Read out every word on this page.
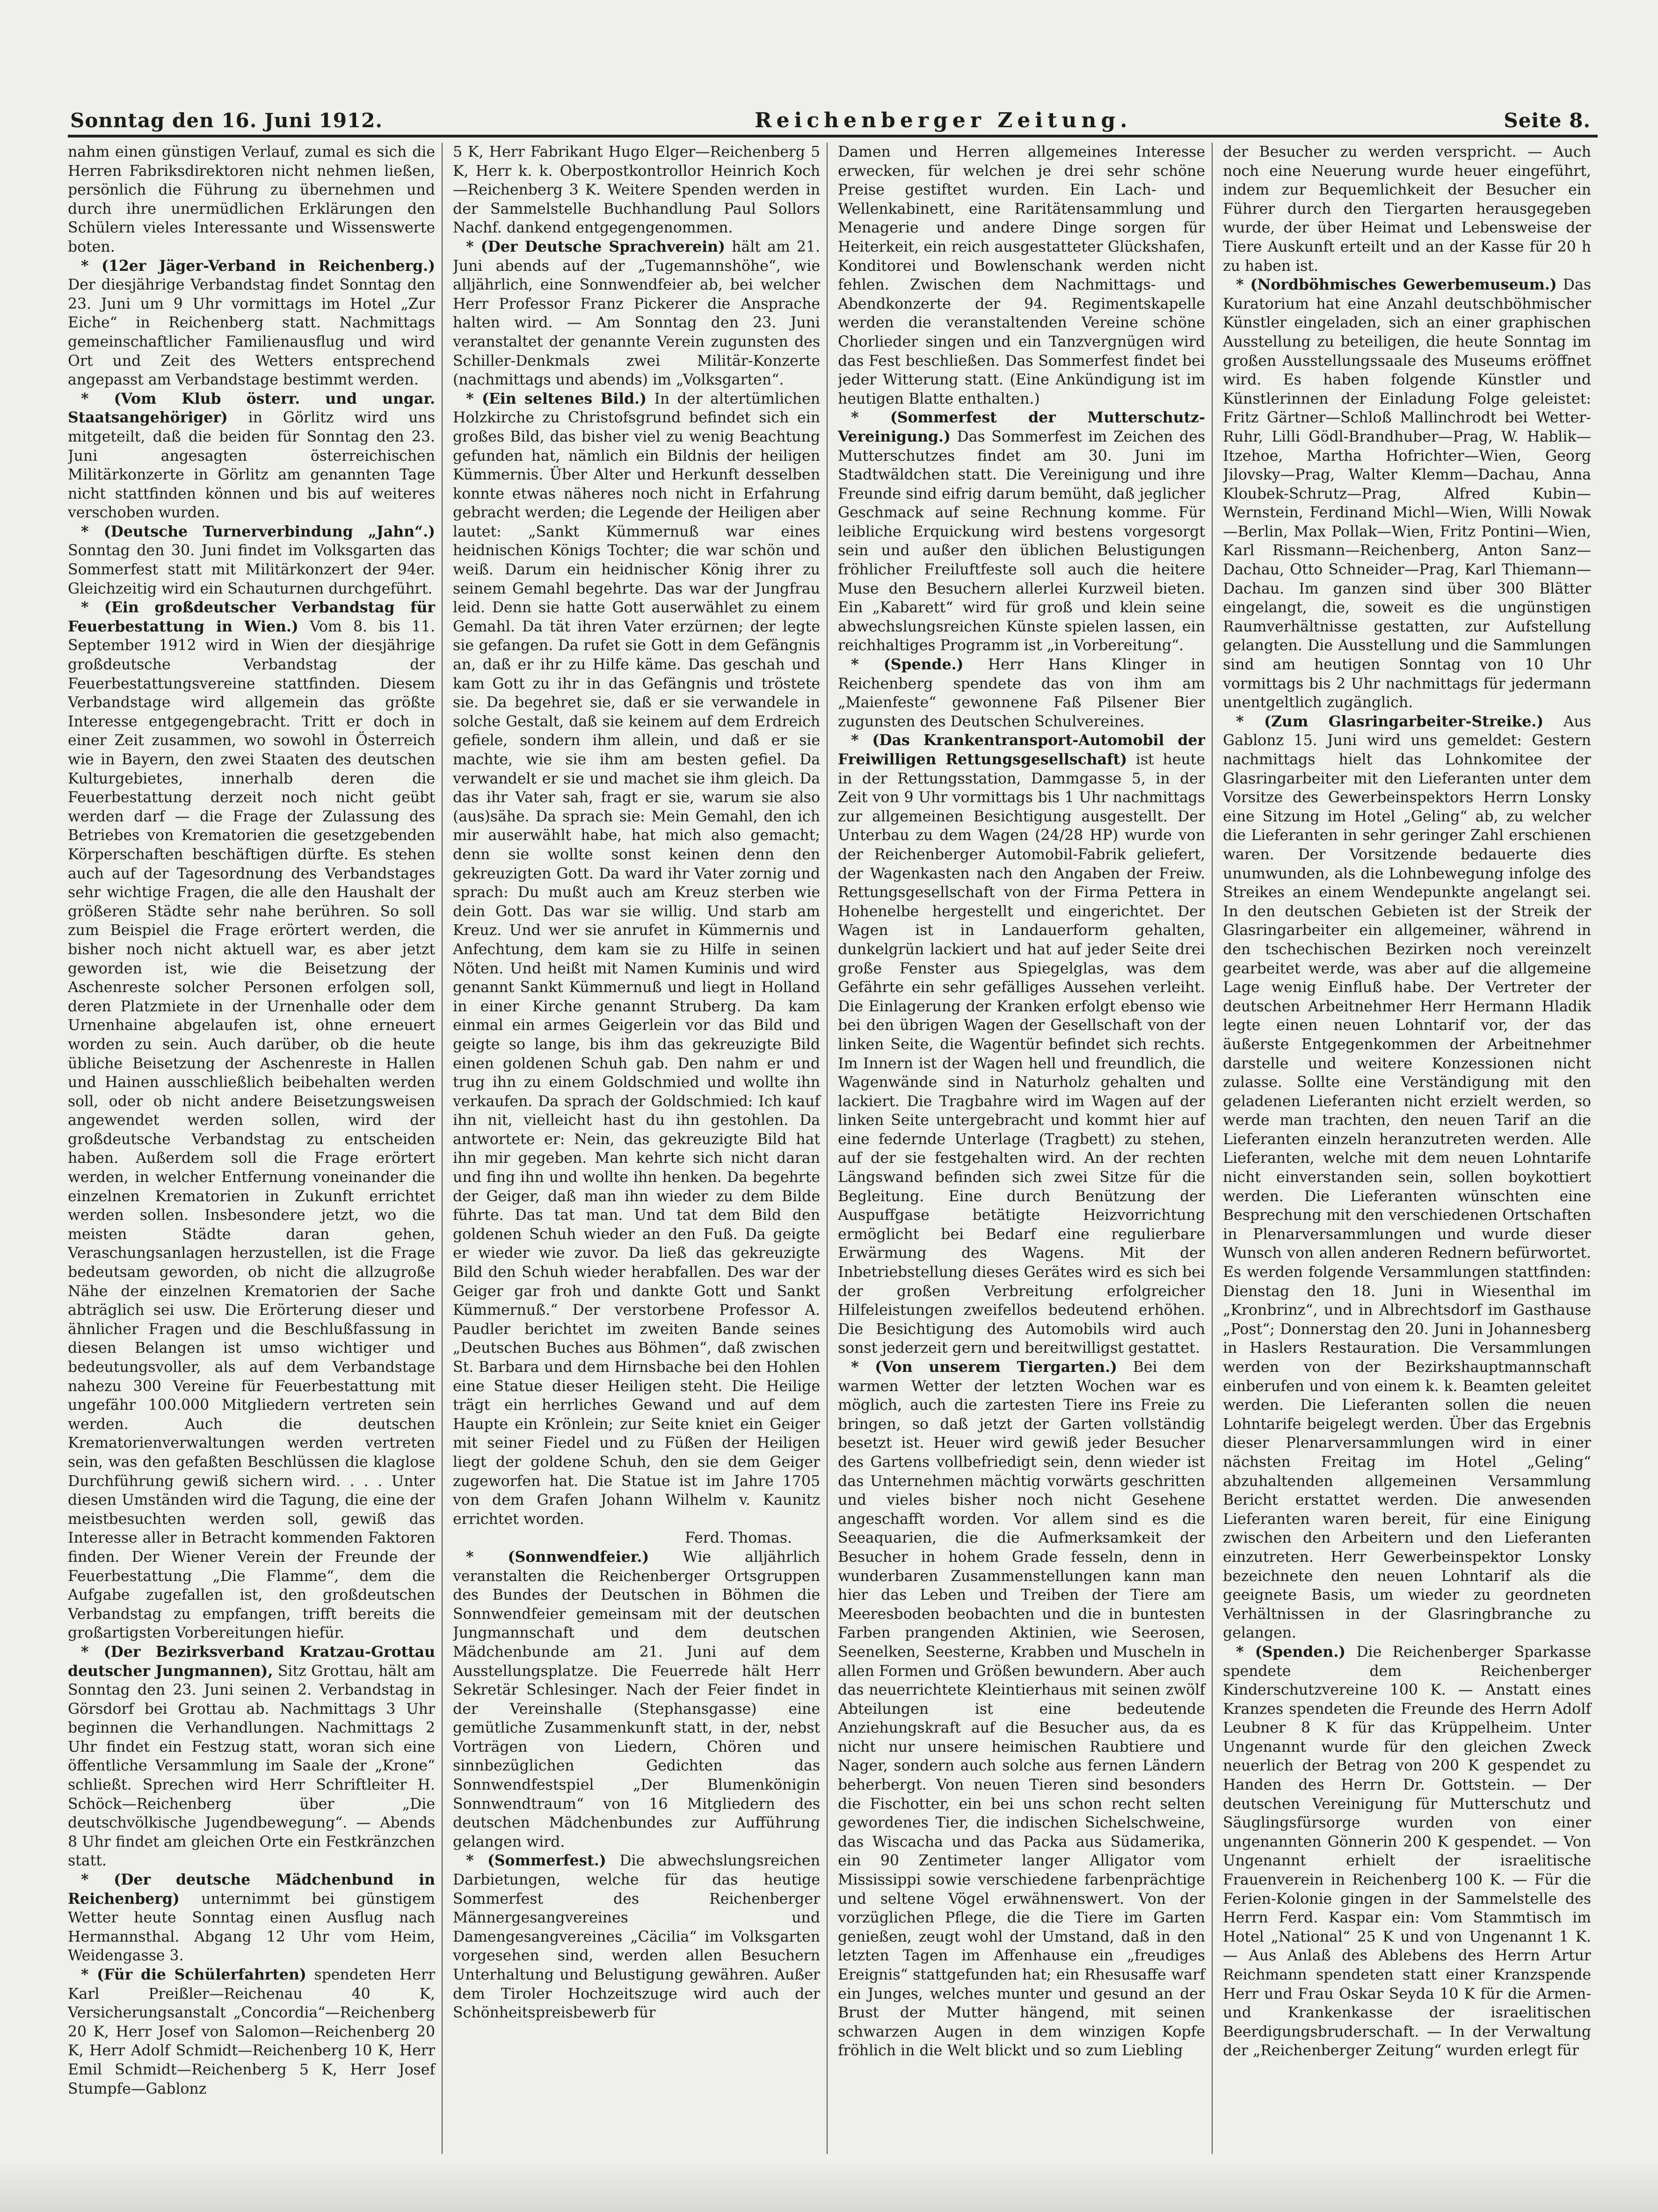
Sonntag den 16. Juni 1912.	Reichenberger Zeitung.	Seite 8.

nahm einen günstigen Verlauf, zumal es sich die Herren Fabriksdirektoren nicht nehmen ließen, persönlich die Führung zu übernehmen und durch ihre unermüdlichen Erklärungen den Schülern vieles Interessante und Wissenswerte boten.

* (12er Jäger-Verband in Reichenberg.) Der diesjährige Verbandstag findet Sonntag den 23. Juni um 9 Uhr vormittags im Hotel „Zur Eiche“ in Reichenberg statt. Nachmittags gemeinschaftlicher Familienausflug und wird Ort und Zeit des Wetters entsprechend angepasst am Verbandstage bestimmt werden.

* (Vom Klub österr. und ungar. Staatsangehöriger) in Görlitz wird uns mitgeteilt, daß die beiden für Sonntag den 23. Juni angesagten österreichischen Militärkonzerte in Görlitz am genannten Tage nicht stattfinden können und bis auf weiteres verschoben wurden.

* (Deutsche Turnerverbindung „Jahn“.) Sonntag den 30. Juni findet im Volksgarten das Sommerfest statt mit Militärkonzert der 94er. Gleichzeitig wird ein Schauturnen durchgeführt.

* (Ein großdeutscher Verbandstag für Feuerbestattung in Wien.) Vom 8. bis 11. September 1912 wird in Wien der diesjährige großdeutsche Verbandstag der Feuerbestattungsvereine stattfinden. Diesem Verbandstage wird allgemein das größte Interesse entgegengebracht. Tritt er doch in einer Zeit zusammen, wo sowohl in Österreich wie in Bayern, den zwei Staaten des deutschen Kulturgebietes, innerhalb deren die Feuerbestattung derzeit noch nicht geübt werden darf — die Frage der Zulassung des Betriebes von Krematorien die gesetzgebenden Körperschaften beschäftigen dürfte. Es stehen auch auf der Tagesordnung des Verbandstages sehr wichtige Fragen, die alle den Haushalt der größeren Städte sehr nahe berühren. So soll zum Beispiel die Frage erörtert werden, die bisher noch nicht aktuell war, es aber jetzt geworden ist, wie die Beisetzung der Aschenreste solcher Personen erfolgen soll, deren Platzmiete in der Urnenhalle oder dem Urnenhaine abgelaufen ist, ohne erneuert worden zu sein. Auch darüber, ob die heute übliche Beisetzung der Aschenreste in Hallen und Hainen ausschließlich beibehalten werden soll, oder ob nicht andere Beisetzungsweisen angewendet werden sollen, wird der großdeutsche Verbandstag zu entscheiden haben. Außerdem soll die Frage erörtert werden, in welcher Entfernung voneinander die einzelnen Krematorien in Zukunft errichtet werden sollen. Insbesondere jetzt, wo die meisten Städte daran gehen, Veraschungsanlagen herzustellen, ist die Frage bedeutsam geworden, ob nicht die allzugroße Nähe der einzelnen Krematorien der Sache abträglich sei usw. Die Erörterung dieser und ähnlicher Fragen und die Beschlußfassung in diesen Belangen ist umso wichtiger und bedeutungsvoller, als auf dem Verbandstage nahezu 300 Vereine für Feuerbestattung mit ungefähr 100.000 Mitgliedern vertreten sein werden. Auch die deutschen Krematorienverwaltungen werden vertreten sein, was den gefaßten Beschlüssen die klaglose Durchführung gewiß sichern wird. . . . Unter diesen Umständen wird die Tagung, die eine der meistbesuchten werden soll, gewiß das Interesse aller in Betracht kommenden Faktoren finden. Der Wiener Verein der Freunde der Feuerbestattung „Die Flamme“, dem die Aufgabe zugefallen ist, den großdeutschen Verbandstag zu empfangen, trifft bereits die großartigsten Vorbereitungen hiefür.

* (Der Bezirksverband Kratzau-Grottau deutscher Jungmannen), Sitz Grottau, hält am Sonntag den 23. Juni seinen 2. Verbandstag in Görsdorf bei Grottau ab. Nachmittags 3 Uhr beginnen die Verhandlungen. Nachmittags 2 Uhr findet ein Festzug statt, woran sich eine öffentliche Versammlung im Saale der „Krone“ schließt. Sprechen wird Herr Schriftleiter H. Schöck—Reichenberg über „Die deutschvölkische Jugendbewegung“. — Abends 8 Uhr findet am gleichen Orte ein Festkränzchen statt.

* (Der deutsche Mädchenbund in Reichenberg) unternimmt bei günstigem Wetter heute Sonntag einen Ausflug nach Hermannsthal. Abgang 12 Uhr vom Heim, Weidengasse 3.

* (Für die Schülerfahrten) spendeten Herr Karl Preißler—Reichenau 40 K, Versicherungsanstalt „Concordia“—Reichenberg 20 K, Herr Josef von Salomon—Reichenberg 20 K, Herr Adolf Schmidt—Reichenberg 10 K, Herr Emil Schmidt—Reichenberg 5 K, Herr Josef Stumpfe—Gablonz

5 K, Herr Fabrikant Hugo Elger—Reichenberg 5 K, Herr k. k. Oberpostkontrollor Heinrich Koch—Reichenberg 3 K. Weitere Spenden werden in der Sammelstelle Buchhandlung Paul Sollors Nachf. dankend entgegengenommen.

* (Der Deutsche Sprachverein) hält am 21. Juni abends auf der „Tugemannshöhe“, wie alljährlich, eine Sonnwendfeier ab, bei welcher Herr Professor Franz Pickerer die Ansprache halten wird. — Am Sonntag den 23. Juni veranstaltet der genannte Verein zugunsten des Schiller-Denkmals zwei Militär-Konzerte (nachmittags und abends) im „Volksgarten“.

* (Ein seltenes Bild.) In der altertümlichen Holzkirche zu Christofsgrund befindet sich ein großes Bild, das bisher viel zu wenig Beachtung gefunden hat, nämlich ein Bildnis der heiligen Kümmernis. Über Alter und Herkunft desselben konnte etwas näheres noch nicht in Erfahrung gebracht werden; die Legende der Heiligen aber lautet: „Sankt Kümmernuß war eines heidnischen Königs Tochter; die war schön und weiß. Darum ein heidnischer König ihrer zu seinem Gemahl begehrte. Das war der Jungfrau leid. Denn sie hatte Gott auserwählet zu einem Gemahl. Da tät ihren Vater erzürnen; der legte sie gefangen. Da rufet sie Gott in dem Gefängnis an, daß er ihr zu Hilfe käme. Das geschah und kam Gott zu ihr in das Gefängnis und tröstete sie. Da begehret sie, daß er sie verwandele in solche Gestalt, daß sie keinem auf dem Erdreich gefiele, sondern ihm allein, und daß er sie machte, wie sie ihm am besten gefiel. Da verwandelt er sie und machet sie ihm gleich. Da das ihr Vater sah, fragt er sie, warum sie also (aus)sähe. Da sprach sie: Mein Gemahl, den ich mir auserwählt habe, hat mich also gemacht; denn sie wollte sonst keinen denn den gekreuzigten Gott. Da ward ihr Vater zornig und sprach: Du mußt auch am Kreuz sterben wie dein Gott. Das war sie willig. Und starb am Kreuz. Und wer sie anrufet in Kümmernis und Anfechtung, dem kam sie zu Hilfe in seinen Nöten. Und heißt mit Namen Kuminis und wird genannt Sankt Kümmernuß und liegt in Holland in einer Kirche genannt Struberg. Da kam einmal ein armes Geigerlein vor das Bild und geigte so lange, bis ihm das gekreuzigte Bild einen goldenen Schuh gab. Den nahm er und trug ihn zu einem Goldschmied und wollte ihn verkaufen. Da sprach der Goldschmied: Ich kauf ihn nit, vielleicht hast du ihn gestohlen. Da antwortete er: Nein, das gekreuzigte Bild hat ihn mir gegeben. Man kehrte sich nicht daran und fing ihn und wollte ihn henken. Da begehrte der Geiger, daß man ihn wieder zu dem Bilde führte. Das tat man. Und tat dem Bild den goldenen Schuh wieder an den Fuß. Da geigte er wieder wie zuvor. Da ließ das gekreuzigte Bild den Schuh wieder herabfallen. Des war der Geiger gar froh und dankte Gott und Sankt Kümmernuß.“ Der verstorbene Professor A. Paudler berichtet im zweiten Bande seines „Deutschen Buches aus Böhmen“, daß zwischen St. Barbara und dem Hirnsbache bei den Hohlen eine Statue dieser Heiligen steht. Die Heilige trägt ein herrliches Gewand und auf dem Haupte ein Krönlein; zur Seite kniet ein Geiger mit seiner Fiedel und zu Füßen der Heiligen liegt der goldene Schuh, den sie dem Geiger zugeworfen hat. Die Statue ist im Jahre 1705 von dem Grafen Johann Wilhelm v. Kaunitz errichtet worden.

Ferd. Thomas.

* (Sonnwendfeier.) Wie alljährlich veranstalten die Reichenberger Ortsgruppen des Bundes der Deutschen in Böhmen die Sonnwendfeier gemeinsam mit der deutschen Jungmannschaft und dem deutschen Mädchenbunde am 21. Juni auf dem Ausstellungsplatze. Die Feuerrede hält Herr Sekretär Schlesinger. Nach der Feier findet in der Vereinshalle (Stephansgasse) eine gemütliche Zusammenkunft statt, in der, nebst Vorträgen von Liedern, Chören und sinnbezüglichen Gedichten das Sonnwendfestspiel „Der Blumenkönigin Sonnwendtraum“ von 16 Mitgliedern des deutschen Mädchenbundes zur Aufführung gelangen wird.

* (Sommerfest.) Die abwechslungsreichen Darbietungen, welche für das heutige Sommerfest des Reichenberger Männergesangvereines und Damengesangvereines „Cäcilia“ im Volksgarten vorgesehen sind, werden allen Besuchern Unterhaltung und Belustigung gewähren. Außer dem Tiroler Hochzeitszuge wird auch der Schönheitspreisbewerb für

Damen und Herren allgemeines Interesse erwecken, für welchen je drei sehr schöne Preise gestiftet wurden. Ein Lach- und Wellenkabinett, eine Raritätensammlung und Menagerie und andere Dinge sorgen für Heiterkeit, ein reich ausgestatteter Glückshafen, Konditorei und Bowlenschank werden nicht fehlen. Zwischen dem Nachmittags- und Abendkonzerte der 94. Regimentskapelle werden die veranstaltenden Vereine schöne Chorlieder singen und ein Tanzvergnügen wird das Fest beschließen. Das Sommerfest findet bei jeder Witterung statt. (Eine Ankündigung ist im heutigen Blatte enthalten.)

* (Sommerfest der Mutterschutz-Vereinigung.) Das Sommerfest im Zeichen des Mutterschutzes findet am 30. Juni im Stadtwäldchen statt. Die Vereinigung und ihre Freunde sind eifrig darum bemüht, daß jeglicher Geschmack auf seine Rechnung komme. Für leibliche Erquickung wird bestens vorgesorgt sein und außer den üblichen Belustigungen fröhlicher Freiluftfeste soll auch die heitere Muse den Besuchern allerlei Kurzweil bieten. Ein „Kabarett“ wird für groß und klein seine abwechslungsreichen Künste spielen lassen, ein reichhaltiges Programm ist „in Vorbereitung“.

* (Spende.) Herr Hans Klinger in Reichenberg spendete das von ihm am „Maienfeste“ gewonnene Faß Pilsener Bier zugunsten des Deutschen Schulvereines.

* (Das Krankentransport-Automobil der Freiwilligen Rettungsgesellschaft) ist heute in der Rettungsstation, Dammgasse 5, in der Zeit von 9 Uhr vormittags bis 1 Uhr nachmittags zur allgemeinen Besichtigung ausgestellt. Der Unterbau zu dem Wagen (24/28 HP) wurde von der Reichenberger Automobil-Fabrik geliefert, der Wagenkasten nach den Angaben der Freiw. Rettungsgesellschaft von der Firma Pettera in Hohenelbe hergestellt und eingerichtet. Der Wagen ist in Landauerform gehalten, dunkelgrün lackiert und hat auf jeder Seite drei große Fenster aus Spiegelglas, was dem Gefährte ein sehr gefälliges Aussehen verleiht. Die Einlagerung der Kranken erfolgt ebenso wie bei den übrigen Wagen der Gesellschaft von der linken Seite, die Wagentür befindet sich rechts. Im Innern ist der Wagen hell und freundlich, die Wagenwände sind in Naturholz gehalten und lackiert. Die Tragbahre wird im Wagen auf der linken Seite untergebracht und kommt hier auf eine federnde Unterlage (Tragbett) zu stehen, auf der sie festgehalten wird. An der rechten Längswand befinden sich zwei Sitze für die Begleitung. Eine durch Benützung der Auspuffgase betätigte Heizvorrichtung ermöglicht bei Bedarf eine regulierbare Erwärmung des Wagens. Mit der Inbetriebstellung dieses Gerätes wird es sich bei der großen Verbreitung erfolgreicher Hilfeleistungen zweifellos bedeutend erhöhen. Die Besichtigung des Automobils wird auch sonst jederzeit gern und bereitwilligst gestattet.

* (Von unserem Tiergarten.) Bei dem warmen Wetter der letzten Wochen war es möglich, auch die zartesten Tiere ins Freie zu bringen, so daß jetzt der Garten vollständig besetzt ist. Heuer wird gewiß jeder Besucher des Gartens vollbefriedigt sein, denn wieder ist das Unternehmen mächtig vorwärts geschritten und vieles bisher noch nicht Gesehene angeschafft worden. Vor allem sind es die Seeaquarien, die die Aufmerksamkeit der Besucher in hohem Grade fesseln, denn in wunderbaren Zusammenstellungen kann man hier das Leben und Treiben der Tiere am Meeresboden beobachten und die in buntesten Farben prangenden Aktinien, wie Seerosen, Seenelken, Seesterne, Krabben und Muscheln in allen Formen und Größen bewundern. Aber auch das neuerrichtete Kleintierhaus mit seinen zwölf Abteilungen ist eine bedeutende Anziehungskraft auf die Besucher aus, da es nicht nur unsere heimischen Raubtiere und Nager, sondern auch solche aus fernen Ländern beherbergt. Von neuen Tieren sind besonders die Fischotter, ein bei uns schon recht selten gewordenes Tier, die indischen Sichelschweine, das Wiscacha und das Packa aus Südamerika, ein 90 Zentimeter langer Alligator vom Mississippi sowie verschiedene farbenprächtige und seltene Vögel erwähnenswert. Von der vorzüglichen Pflege, die die Tiere im Garten genießen, zeugt wohl der Umstand, daß in den letzten Tagen im Affenhause ein „freudiges Ereignis“ stattgefunden hat; ein Rhesusaffe warf ein Junges, welches munter und gesund an der Brust der Mutter hängend, mit seinen schwarzen Augen in dem winzigen Kopfe fröhlich in die Welt blickt und so zum Liebling

der Besucher zu werden verspricht. — Auch noch eine Neuerung wurde heuer eingeführt, indem zur Bequemlichkeit der Besucher ein Führer durch den Tiergarten herausgegeben wurde, der über Heimat und Lebensweise der Tiere Auskunft erteilt und an der Kasse für 20 h zu haben ist.

* (Nordböhmisches Gewerbemuseum.) Das Kuratorium hat eine Anzahl deutschböhmischer Künstler eingeladen, sich an einer graphischen Ausstellung zu beteiligen, die heute Sonntag im großen Ausstellungssaale des Museums eröffnet wird. Es haben folgende Künstler und Künstlerinnen der Einladung Folge geleistet: Fritz Gärtner—Schloß Mallinchrodt bei Wetter-Ruhr, Lilli Gödl-Brandhuber—Prag, W. Hablik—Itzehoe, Martha Hofrichter—Wien, Georg Jilovsky—Prag, Walter Klemm—Dachau, Anna Kloubek-Schrutz—Prag, Alfred Kubin—Wernstein, Ferdinand Michl—Wien, Willi Nowak—Berlin, Max Pollak—Wien, Fritz Pontini—Wien, Karl Rissmann—Reichenberg, Anton Sanz—Dachau, Otto Schneider—Prag, Karl Thiemann—Dachau. Im ganzen sind über 300 Blätter eingelangt, die, soweit es die ungünstigen Raumverhältnisse gestatten, zur Aufstellung gelangten. Die Ausstellung und die Sammlungen sind am heutigen Sonntag von 10 Uhr vormittags bis 2 Uhr nachmittags für jedermann unentgeltlich zugänglich.

* (Zum Glasringarbeiter-Streike.) Aus Gablonz 15. Juni wird uns gemeldet: Gestern nachmittags hielt das Lohnkomitee der Glasringarbeiter mit den Lieferanten unter dem Vorsitze des Gewerbeinspektors Herrn Lonsky eine Sitzung im Hotel „Geling“ ab, zu welcher die Lieferanten in sehr geringer Zahl erschienen waren. Der Vorsitzende bedauerte dies unumwunden, als die Lohnbewegung infolge des Streikes an einem Wendepunkte angelangt sei. In den deutschen Gebieten ist der Streik der Glasringarbeiter ein allgemeiner, während in den tschechischen Bezirken noch vereinzelt gearbeitet werde, was aber auf die allgemeine Lage wenig Einfluß habe. Der Vertreter der deutschen Arbeitnehmer Herr Hermann Hladik legte einen neuen Lohntarif vor, der das äußerste Entgegenkommen der Arbeitnehmer darstelle und weitere Konzessionen nicht zulasse. Sollte eine Verständigung mit den geladenen Lieferanten nicht erzielt werden, so werde man trachten, den neuen Tarif an die Lieferanten einzeln heranzutreten werden. Alle Lieferanten, welche mit dem neuen Lohntarife nicht einverstanden sein, sollen boykottiert werden. Die Lieferanten wünschten eine Besprechung mit den verschiedenen Ortschaften in Plenarversammlungen und wurde dieser Wunsch von allen anderen Rednern befürwortet. Es werden folgende Versammlungen stattfinden: Dienstag den 18. Juni in Wiesenthal im „Kronbrinz“, und in Albrechtsdorf im Gasthause „Post“; Donnerstag den 20. Juni in Johannesberg in Haslers Restauration. Die Versammlungen werden von der Bezirkshauptmannschaft einberufen und von einem k. k. Beamten geleitet werden. Die Lieferanten sollen die neuen Lohntarife beigelegt werden. Über das Ergebnis dieser Plenarversammlungen wird in einer nächsten Freitag im Hotel „Geling“ abzuhaltenden allgemeinen Versammlung Bericht erstattet werden. Die anwesenden Lieferanten waren bereit, für eine Einigung zwischen den Arbeitern und den Lieferanten einzutreten. Herr Gewerbeinspektor Lonsky bezeichnete den neuen Lohntarif als die geeignete Basis, um wieder zu geordneten Verhältnissen in der Glasringbranche zu gelangen.

* (Spenden.) Die Reichenberger Sparkasse spendete dem Reichenberger Kinderschutzvereine 100 K. — Anstatt eines Kranzes spendeten die Freunde des Herrn Adolf Leubner 8 K für das Krüppelheim. Unter Ungenannt wurde für den gleichen Zweck neuerlich der Betrag von 200 K gespendet zu Handen des Herrn Dr. Gottstein. — Der deutschen Vereinigung für Mutterschutz und Säuglingsfürsorge wurden von einer ungenannten Gönnerin 200 K gespendet. — Von Ungenannt erhielt der israelitische Frauenverein in Reichenberg 100 K. — Für die Ferien-Kolonie gingen in der Sammelstelle des Herrn Ferd. Kaspar ein: Vom Stammtisch im Hotel „National“ 25 K und von Ungenannt 1 K. — Aus Anlaß des Ablebens des Herrn Artur Reichmann spendeten statt einer Kranzspende Herr und Frau Oskar Seyda 10 K für die Armen- und Krankenkasse der israelitischen Beerdigungsbruderschaft. — In der Verwaltung der „Reichenberger Zeitung“ wurden erlegt für
